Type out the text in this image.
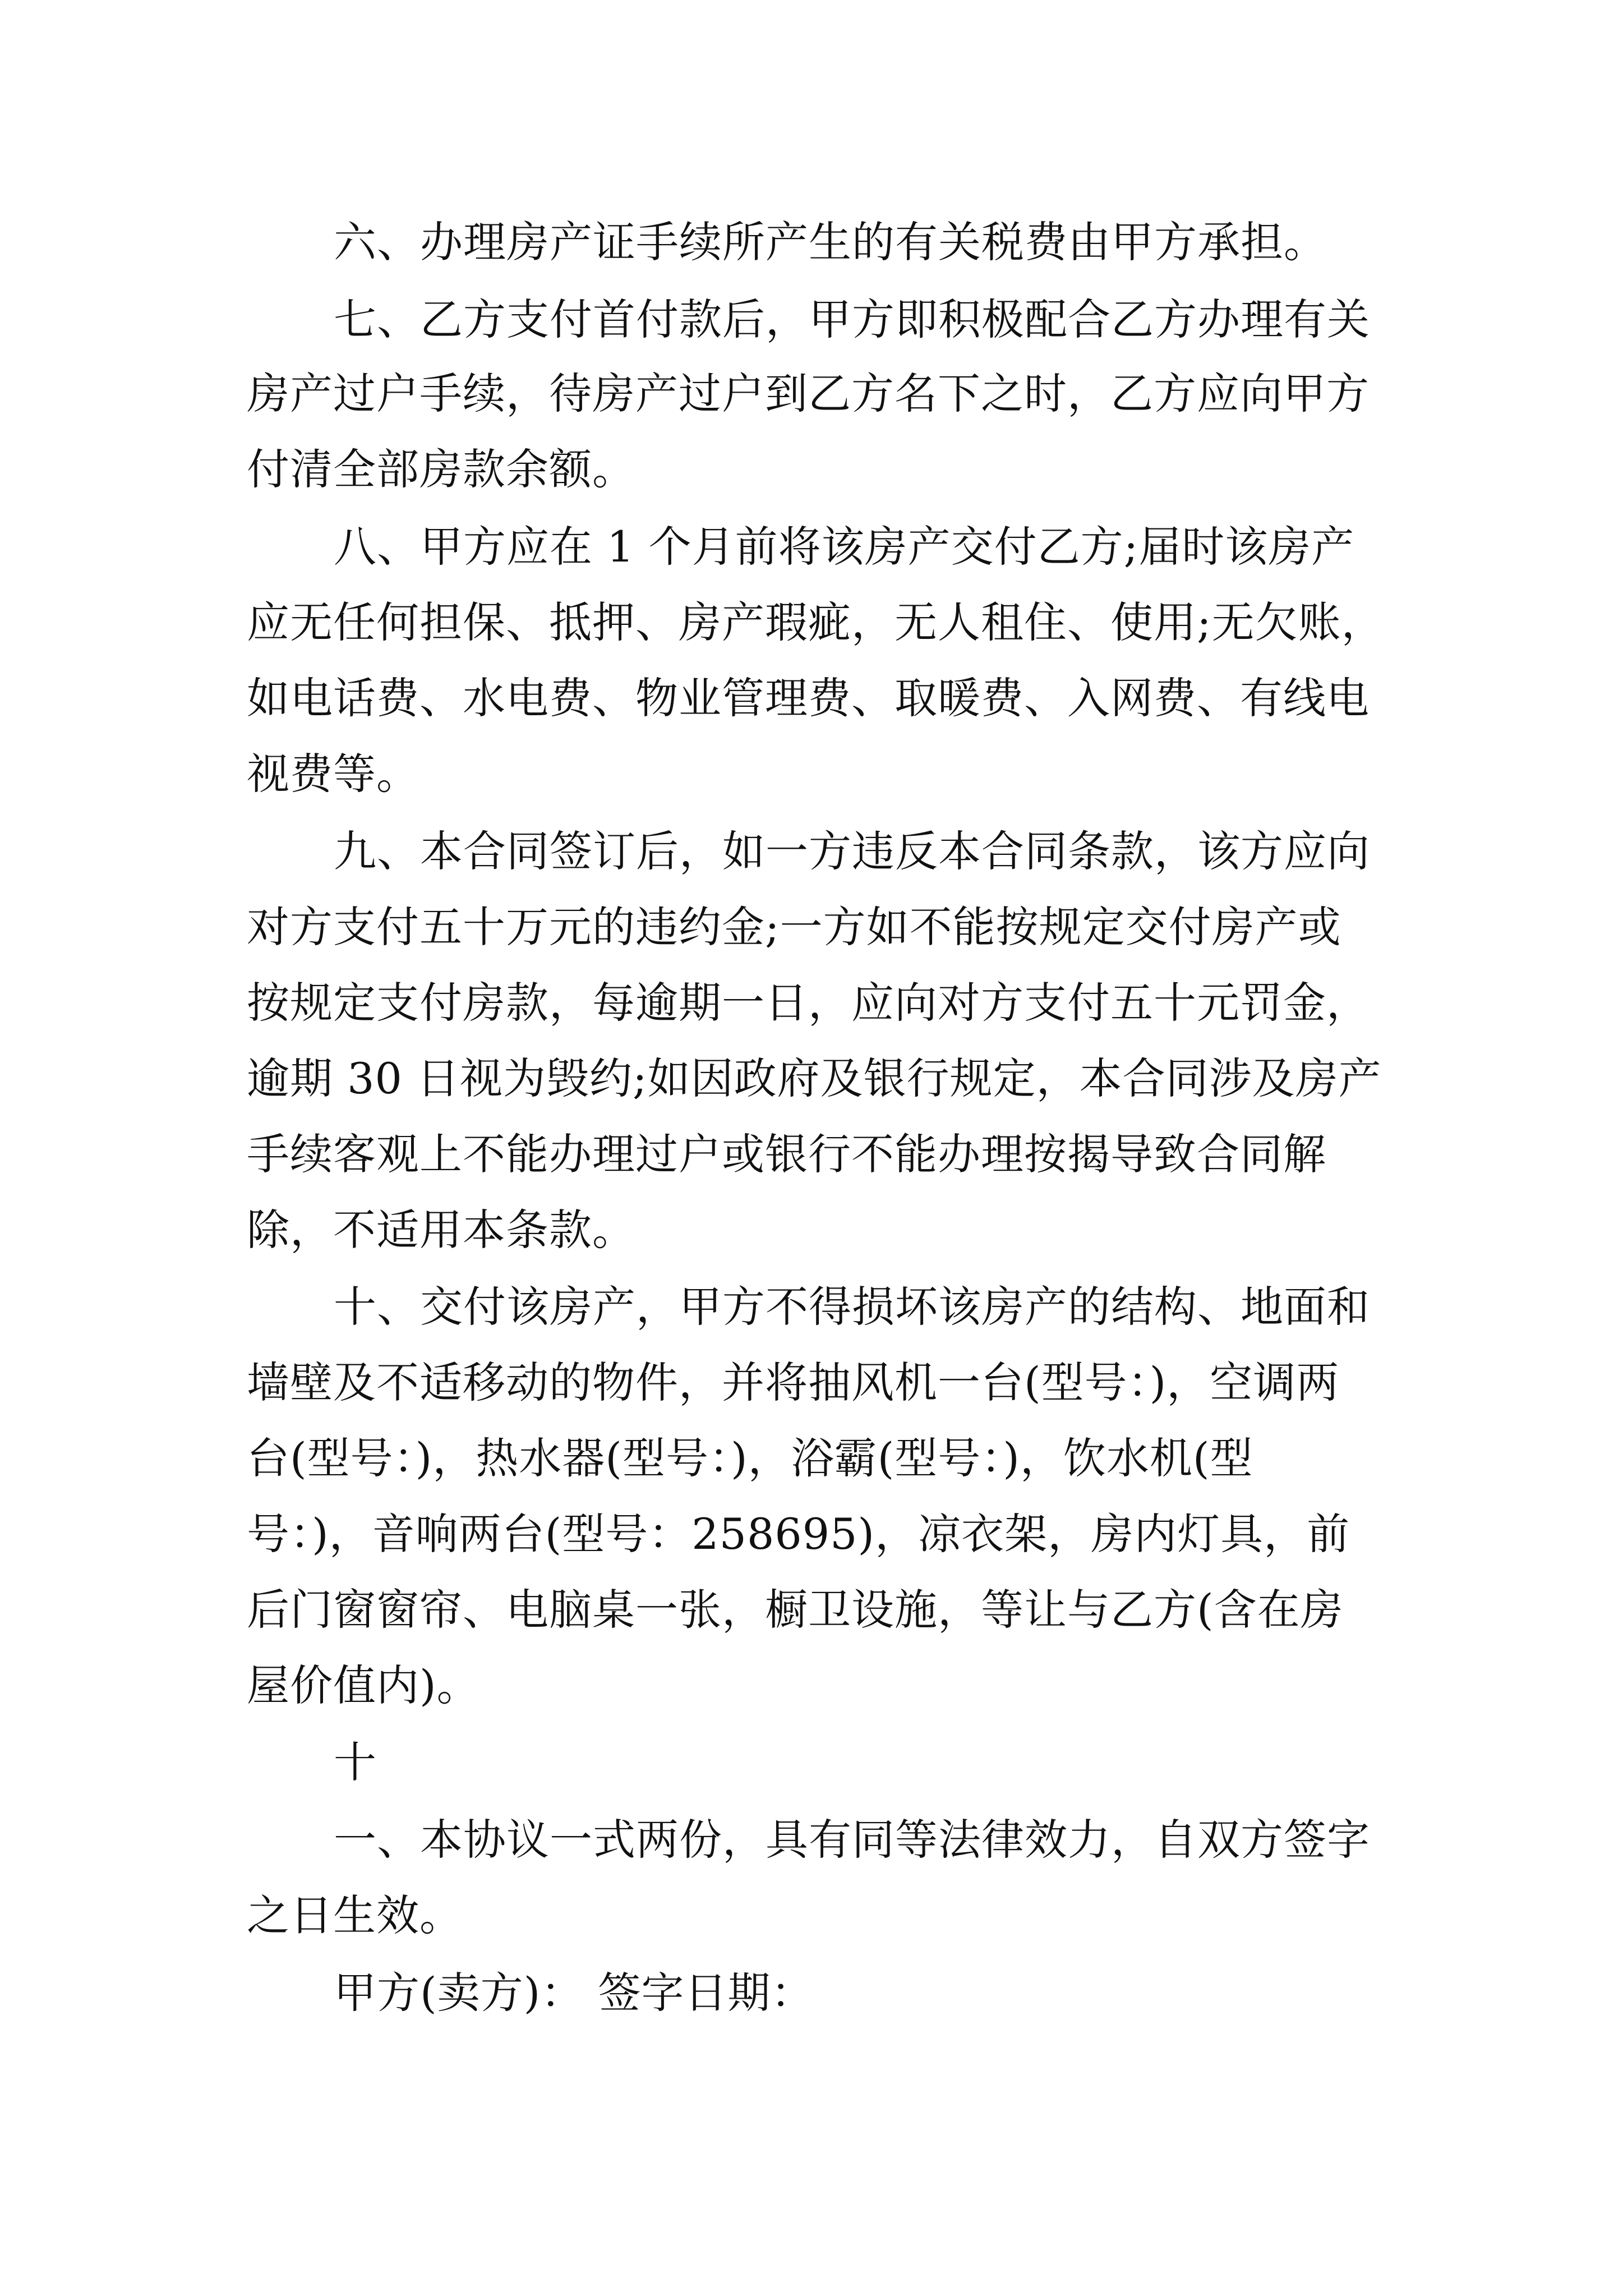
六、办理房产证手续所产生的有关税费由甲方承担。
七、乙方支付首付款后，甲方即积极配合乙方办理有关
房产过户手续，待房产过户到乙方名下之时，乙方应向甲方
付清全部房款余额。
八、甲方应在 1 个月前将该房产交付乙方;届时该房产
应无任何担保、抵押、房产瑕疵，无人租住、使用;无欠账，
如电话费、水电费、物业管理费、取暖费、入网费、有线电
视费等。
九、本合同签订后，如一方违反本合同条款，该方应向
对方支付五十万元的违约金;一方如不能按规定交付房产或
按规定支付房款，每逾期一日，应向对方支付五十元罚金，
逾期 30 日视为毁约;如因政府及银行规定，本合同涉及房产
手续客观上不能办理过户或银行不能办理按揭导致合同解
除，不适用本条款。
十、交付该房产，甲方不得损坏该房产的结构、地面和
墙壁及不适移动的物件，并将抽风机一台(型号：)，空调两
台(型号：)，热水器(型号：)，浴霸(型号：)，饮水机(型
号：)，音响两台(型号：258695)，凉衣架，房内灯具，前
后门窗窗帘、电脑桌一张，橱卫设施，等让与乙方(含在房
屋价值内)。
十
一、本协议一式两份，具有同等法律效力，自双方签字
之日生效。
甲方(卖方)： 签字日期：
